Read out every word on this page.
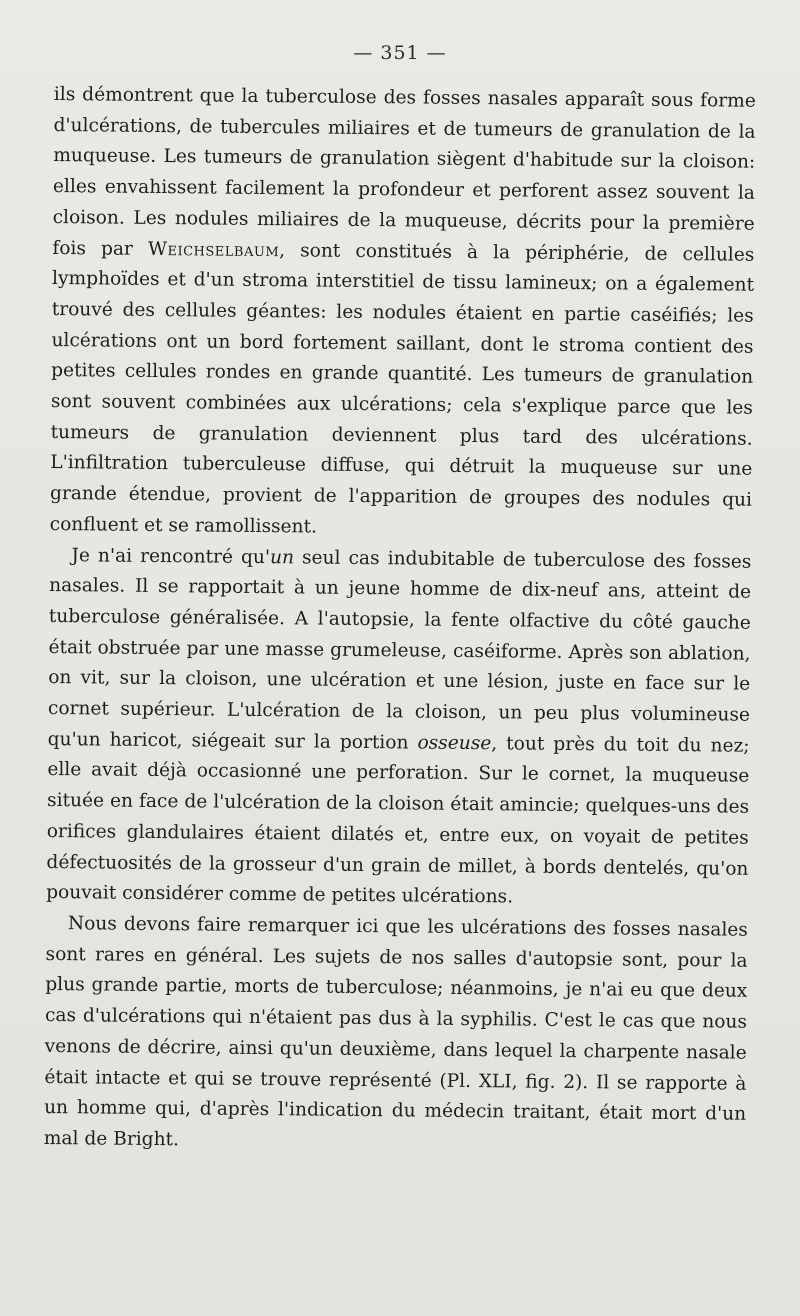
— 351 —

ils démontrent que la tuberculose des fosses nasales apparaît sous forme d'ulcérations, de tubercules miliaires et de tumeurs de granulation de la muqueuse. Les tumeurs de granulation siègent d'habitude sur la cloison: elles envahissent facilement la profondeur et perforent assez souvent la cloison. Les nodules miliaires de la muqueuse, décrits pour la première fois par Weichselbaum, sont constitués à la périphérie, de cellules lymphoïdes et d'un stroma interstitiel de tissu lamineux; on a également trouvé des cellules géantes: les nodules étaient en partie caséifiés; les ulcérations ont un bord fortement saillant, dont le stroma contient des petites cellules rondes en grande quantité. Les tumeurs de granulation sont souvent combinées aux ulcérations; cela s'explique parce que les tumeurs de granulation deviennent plus tard des ulcérations. L'infiltration tuberculeuse diffuse, qui détruit la muqueuse sur une grande étendue, provient de l'apparition de groupes des nodules qui confluent et se ramollissent.

Je n'ai rencontré qu'un seul cas indubitable de tuberculose des fosses nasales. Il se rapportait à un jeune homme de dix-neuf ans, atteint de tuberculose généralisée. A l'autopsie, la fente olfactive du côté gauche était obstruée par une masse grumeleuse, caséiforme. Après son ablation, on vit, sur la cloison, une ulcération et une lésion, juste en face sur le cornet supérieur. L'ulcération de la cloison, un peu plus volumineuse qu'un haricot, siégeait sur la portion osseuse, tout près du toit du nez; elle avait déjà occasionné une perforation. Sur le cornet, la muqueuse située en face de l'ulcération de la cloison était amincie; quelques-uns des orifices glandulaires étaient dilatés et, entre eux, on voyait de petites défectuosités de la grosseur d'un grain de millet, à bords dentelés, qu'on pouvait considérer comme de petites ulcérations.

Nous devons faire remarquer ici que les ulcérations des fosses nasales sont rares en général. Les sujets de nos salles d'autopsie sont, pour la plus grande partie, morts de tuberculose; néanmoins, je n'ai eu que deux cas d'ulcérations qui n'étaient pas dus à la syphilis. C'est le cas que nous venons de décrire, ainsi qu'un deuxième, dans lequel la charpente nasale était intacte et qui se trouve représenté (Pl. XLI, fig. 2). Il se rapporte à un homme qui, d'après l'indication du médecin traitant, était mort d'un mal de Bright.
